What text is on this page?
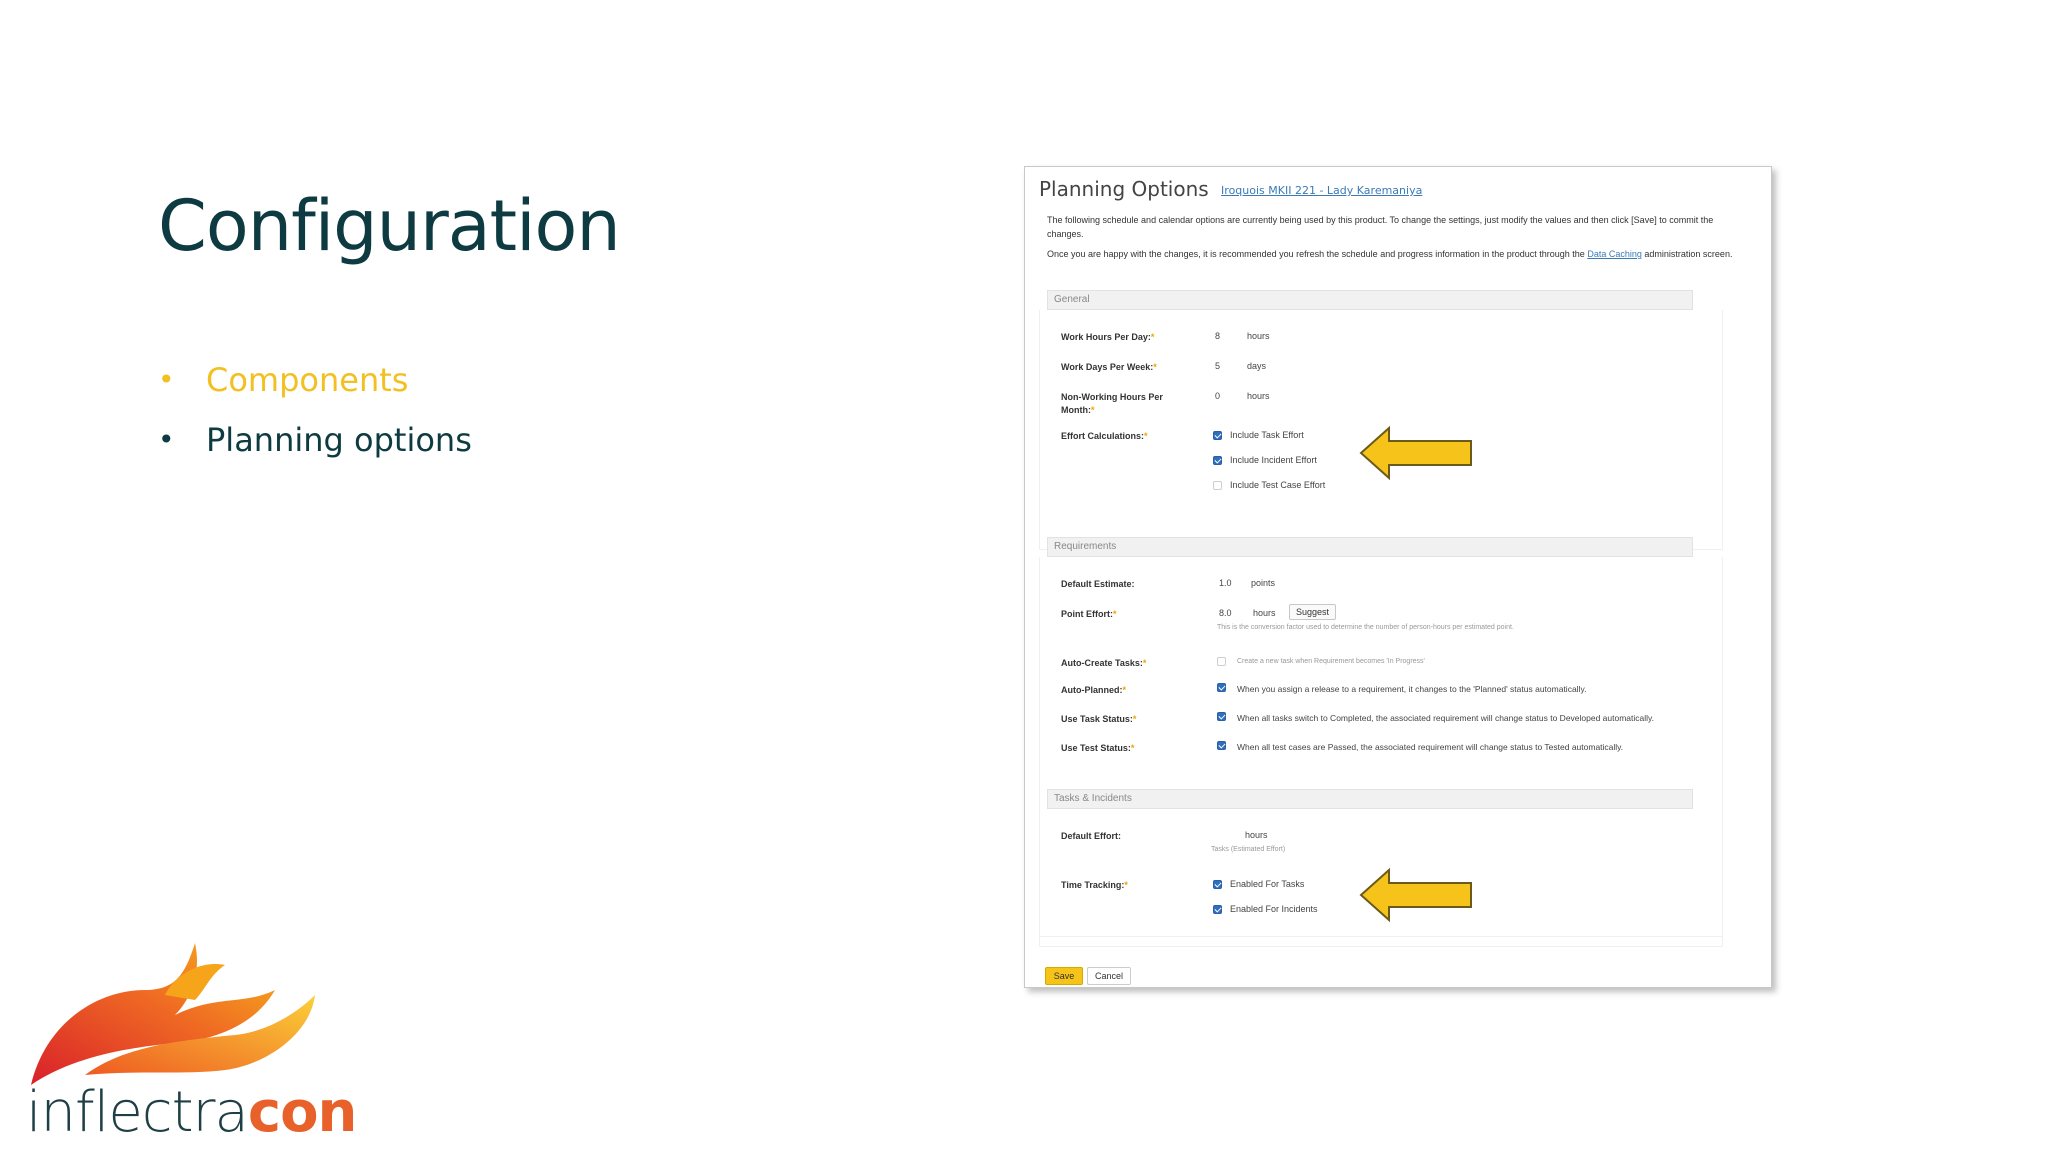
Configuration
• Components
• Planning options
Planning Options Iroquois MKII 221 - Lady Karemaniya
The following schedule and calendar options are currently being used by this product. To change the settings, just modify the values and then click [Save] to commit the changes.
Once you are happy with the changes, it is recommended you refresh the schedule and progress information in the product through the Data Caching administration screen.
General
Work Hours Per Day:*	8	hours
Work Days Per Week:*	5	days
Non-Working Hours Per Month:*
0	hours
Effort Calculations:*	Include Task Effort
Include Incident Effort
Include Test Case Effort
Requirements
Default Estimate:	1.0 points
Point Effort:*	8.0 hours	Suggest
This is the conversion factor used to determine the number of person-hours per estimated point.
Auto-Create Tasks:*	Create a new task when Requirement becomes 'In Progress'
Auto-Planned:*	When you assign a release to a requirement, it changes to the 'Planned' status automatically.
Use Task Status:*	When all tasks switch to Completed, the associated requirement will change status to Developed automatically.
Use Test Status:*	When all test cases are Passed, the associated requirement will change status to Tested automatically.
Tasks & Incidents
Default Effort:	hours
Tasks (Estimated Effort)
Time Tracking:*	Enabled For Tasks
Enabled For Incidents
Save	Cancel
inflectracon
